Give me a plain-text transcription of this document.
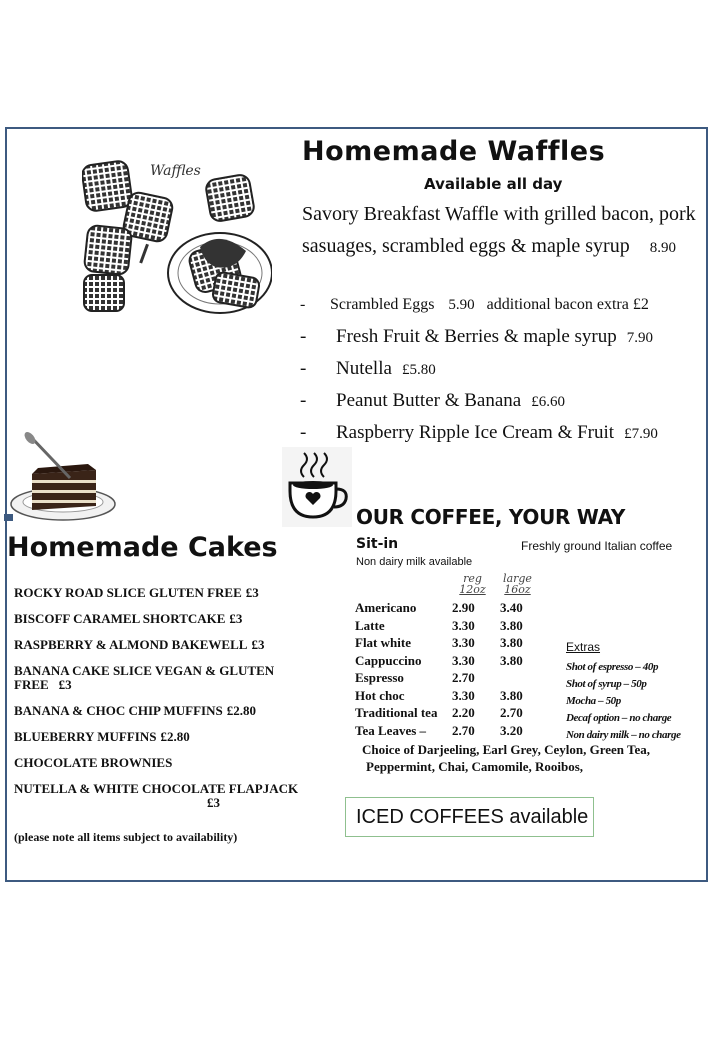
Waffles
Homemade Waffles
Available all day
Savory Breakfast Waffle with grilled bacon, pork sasuages, scrambled eggs & maple syrup 8.90
- Scrambled Eggs 5.90 additional bacon extra £2
- Fresh Fruit & Berries & maple syrup 7.90
- Nutella £5.80
- Peanut Butter & Banana £6.60
- Raspberry Ripple Ice Cream & Fruit £7.90
Homemade Cakes
ROCKY ROAD SLICE GLUTEN FREE £3
BISCOFF CARAMEL SHORTCAKE £3
RASPBERRY & ALMOND BAKEWELL £3
BANANA CAKE SLICE VEGAN & GLUTEN FREE £3
BANANA & CHOC CHIP MUFFINS £2.80
BLUEBERRY MUFFINS £2.80
CHOCOLATE BROWNIES
NUTELLA & WHITE CHOCOLATE FLAPJACK
£3
(please note all items subject to availability)
OUR COFFEE, YOUR WAY
Sit-in	Freshly ground Italian coffee
Non dairy milk available
reg
12oz
large
16oz
Americano	2.90	3.40
Latte	3.30	3.80
Flat white	3.30	3.80
Cappuccino	3.30	3.80
Espresso	2.70	
Hot choc	3.30	3.80
Traditional tea	2.20	2.70
Tea Leaves –	2.70	3.20
Extras
Shot of espresso – 40p
Shot of syrup – 50p
Mocha – 50p
Decaf option – no charge
Non dairy milk – no charge
Choice of Darjeeling, Earl Grey, Ceylon, Green Tea,
Peppermint, Chai, Camomile, Rooibos,
ICED COFFEES available
